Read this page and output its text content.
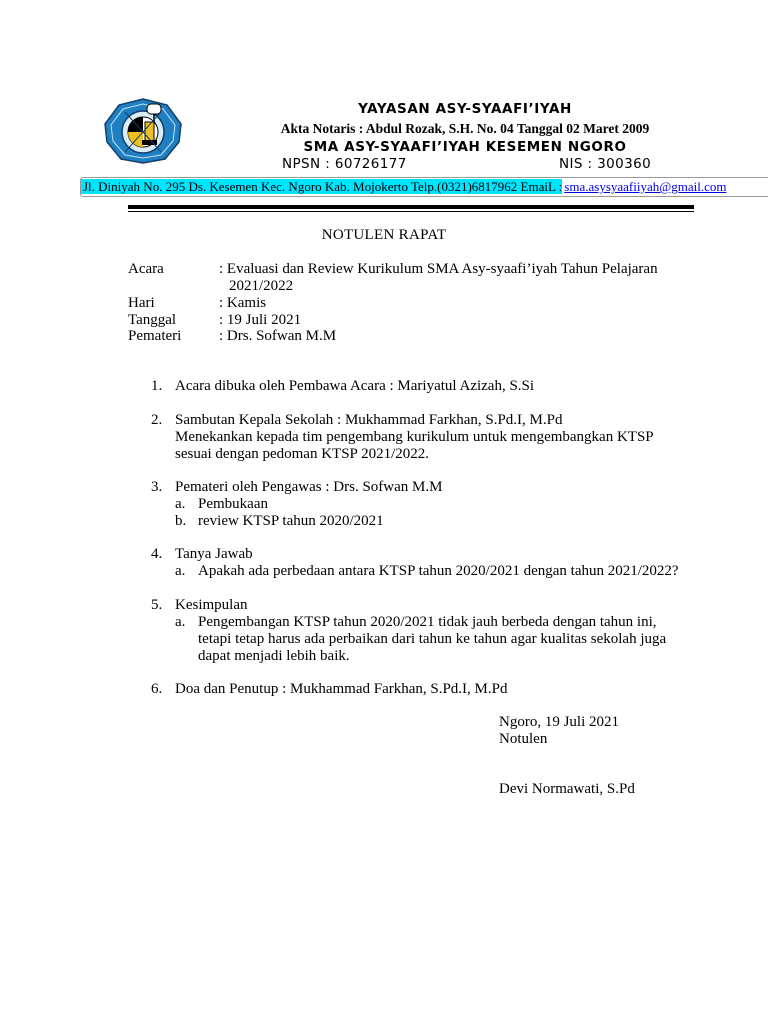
YAYASAN ASY-SYAAFI’IYAH
Akta Notaris : Abdul Rozak, S.H. No. 04 Tanggal 02 Maret 2009
SMA ASY-SYAAFI’IYAH KESEMEN NGORO
NPSN : 60726177	NIS : 300360
Jl. Diniyah No. 295 Ds. Kesemen Kec. Ngoro Kab. Mojokerto Telp.(0321)6817962 EmaiL : sma.asysyaafiiyah@gmail.com
NOTULEN RAPAT
Acara	: Evaluasi dan Review Kurikulum SMA Asy-syaafi’iyah Tahun Pelajaran
2021/2022
Hari	: Kamis
Tanggal	: 19 Juli 2021
Pemateri	: Drs. Sofwan M.M
1. Acara dibuka oleh Pembawa Acara : Mariyatul Azizah, S.Si
2. Sambutan Kepala Sekolah : Mukhammad Farkhan, S.Pd.I, M.Pd
Menekankan kepada tim pengembang kurikulum untuk mengembangkan KTSP
sesuai dengan pedoman KTSP 2021/2022.
3. Pemateri oleh Pengawas : Drs. Sofwan M.M
a. Pembukaan
b. review KTSP tahun 2020/2021
4. Tanya Jawab
a. Apakah ada perbedaan antara KTSP tahun 2020/2021 dengan tahun 2021/2022?
5. Kesimpulan
a. Pengembangan KTSP tahun 2020/2021 tidak jauh berbeda dengan tahun ini,
tetapi tetap harus ada perbaikan dari tahun ke tahun agar kualitas sekolah juga
dapat menjadi lebih baik.
6. Doa dan Penutup : Mukhammad Farkhan, S.Pd.I, M.Pd
Ngoro, 19 Juli 2021
Notulen
Devi Normawati, S.Pd
